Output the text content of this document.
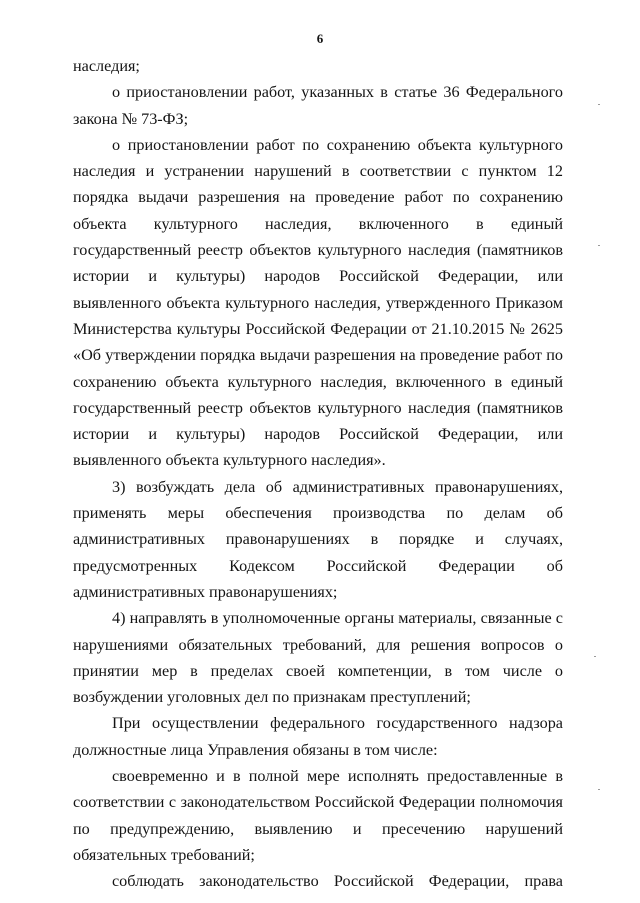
6

наследия;

о приостановлении работ, указанных в статье 36 Федерального закона № 73-ФЗ;

о приостановлении работ по сохранению объекта культурного наследия и устранении нарушений в соответствии с пунктом 12 порядка выдачи разрешения на проведение работ по сохранению объекта культурного наследия, включенного в единый государственный реестр объектов культурного наследия (памятников истории и культуры) народов Российской Федерации, или выявленного объекта культурного наследия, утвержденного Приказом Министерства культуры Российской Федерации от 21.10.2015 № 2625 «Об утверждении порядка выдачи разрешения на проведение работ по сохранению объекта культурного наследия, включенного в единый государственный реестр объектов культурного наследия (памятников истории и культуры) народов Российской Федерации, или выявленного объекта культурного наследия».

3) возбуждать дела об административных правонарушениях, применять меры обеспечения производства по делам об административных правонарушениях в порядке и случаях, предусмотренных Кодексом Российской Федерации об административных правонарушениях;

4) направлять в уполномоченные органы материалы, связанные с нарушениями обязательных требований, для решения вопросов о принятии мер в пределах своей компетенции, в том числе о возбуждении уголовных дел по признакам преступлений;

При осуществлении федерального государственного надзора должностные лица Управления обязаны в том числе:

своевременно и в полной мере исполнять предоставленные в соответствии с законодательством Российской Федерации полномочия по предупреждению, выявлению и пресечению нарушений обязательных требований;

соблюдать законодательство Российской Федерации, права
